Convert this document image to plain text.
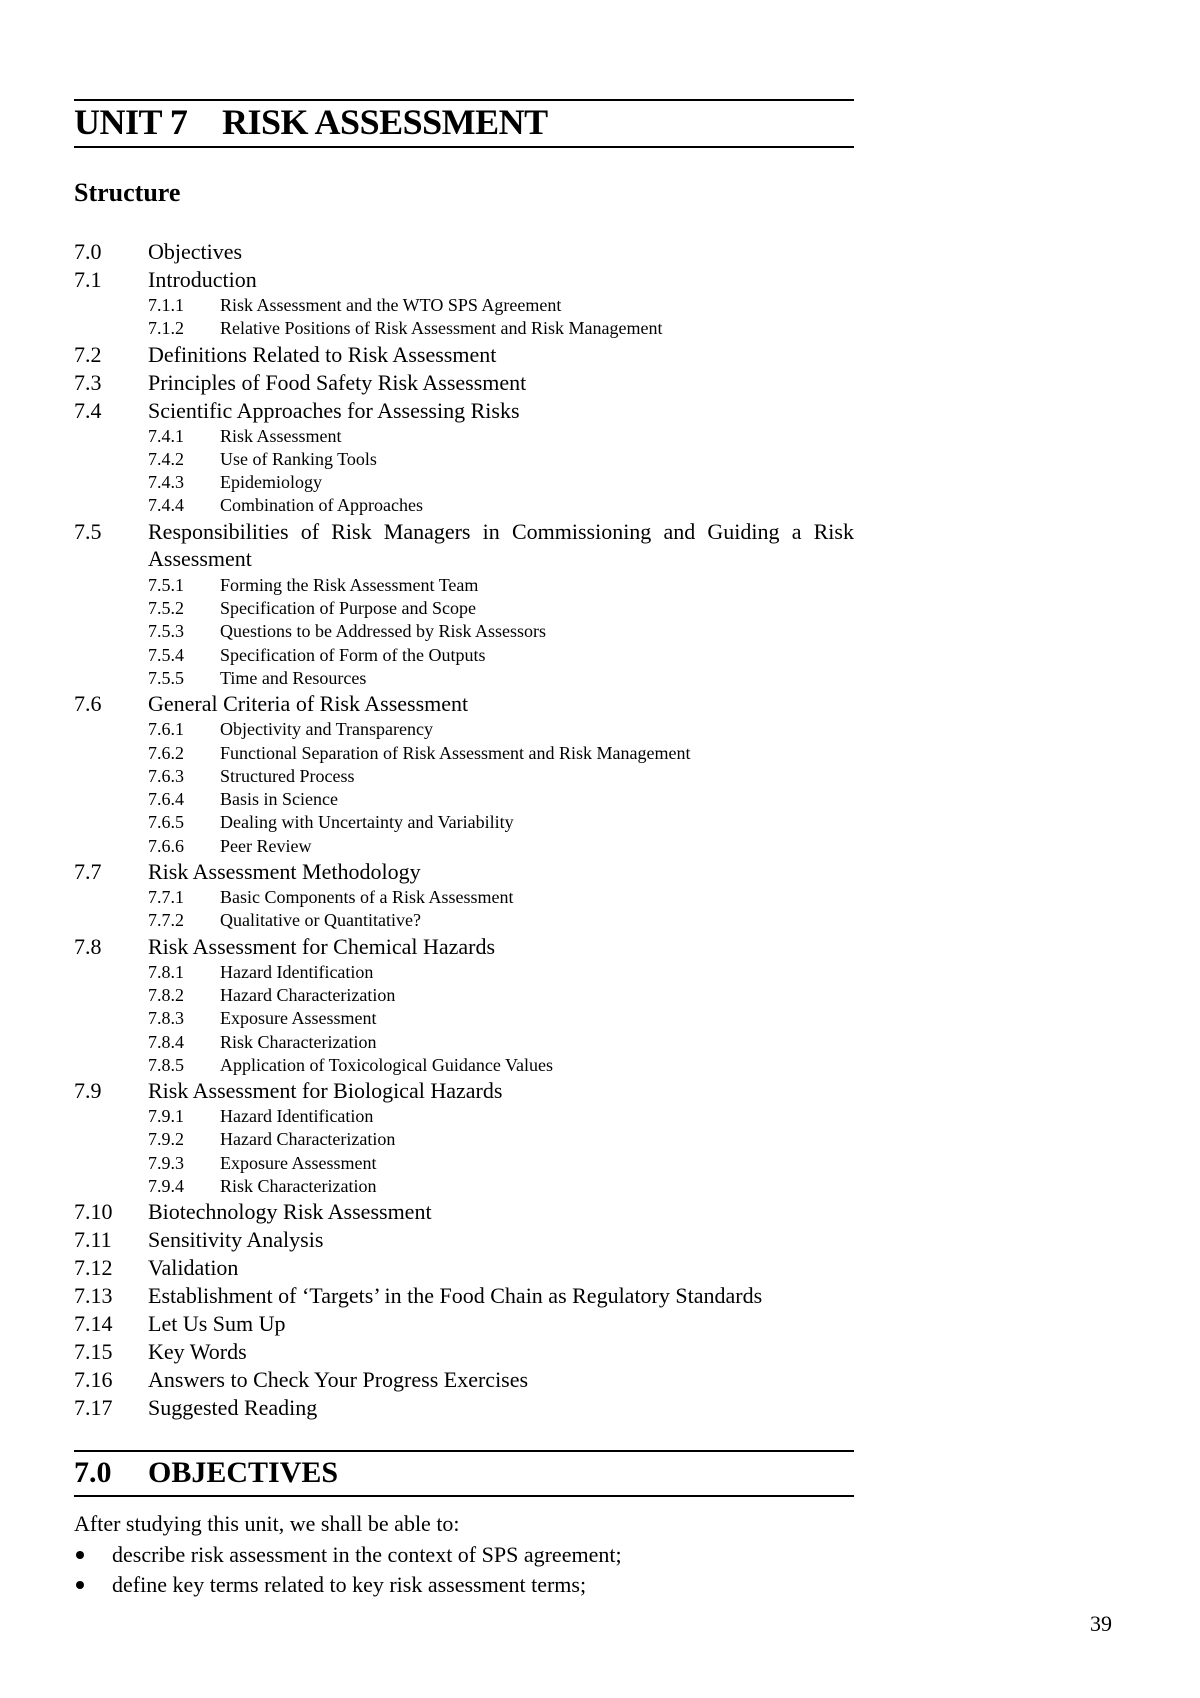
UNIT 7 RISK ASSESSMENT
Structure
7.0 Objectives
7.1 Introduction
7.1.1 Risk Assessment and the WTO SPS Agreement
7.1.2 Relative Positions of Risk Assessment and Risk Management
7.2 Definitions Related to Risk Assessment
7.3 Principles of Food Safety Risk Assessment
7.4 Scientific Approaches for Assessing Risks
7.4.1 Risk Assessment
7.4.2 Use of Ranking Tools
7.4.3 Epidemiology
7.4.4 Combination of Approaches
7.5 Responsibilities of Risk Managers in Commissioning and Guiding a Risk Assessment
7.5.1 Forming the Risk Assessment Team
7.5.2 Specification of Purpose and Scope
7.5.3 Questions to be Addressed by Risk Assessors
7.5.4 Specification of Form of the Outputs
7.5.5 Time and Resources
7.6 General Criteria of Risk Assessment
7.6.1 Objectivity and Transparency
7.6.2 Functional Separation of Risk Assessment and Risk Management
7.6.3 Structured Process
7.6.4 Basis in Science
7.6.5 Dealing with Uncertainty and Variability
7.6.6 Peer Review
7.7 Risk Assessment Methodology
7.7.1 Basic Components of a Risk Assessment
7.7.2 Qualitative or Quantitative?
7.8 Risk Assessment for Chemical Hazards
7.8.1 Hazard Identification
7.8.2 Hazard Characterization
7.8.3 Exposure Assessment
7.8.4 Risk Characterization
7.8.5 Application of Toxicological Guidance Values
7.9 Risk Assessment for Biological Hazards
7.9.1 Hazard Identification
7.9.2 Hazard Characterization
7.9.3 Exposure Assessment
7.9.4 Risk Characterization
7.10 Biotechnology Risk Assessment
7.11 Sensitivity Analysis
7.12 Validation
7.13 Establishment of ‘Targets’ in the Food Chain as Regulatory Standards
7.14 Let Us Sum Up
7.15 Key Words
7.16 Answers to Check Your Progress Exercises
7.17 Suggested Reading
7.0 OBJECTIVES

After studying this unit, we shall be able to:

describe risk assessment in the context of SPS agreement;
define key terms related to key risk assessment terms;
39
